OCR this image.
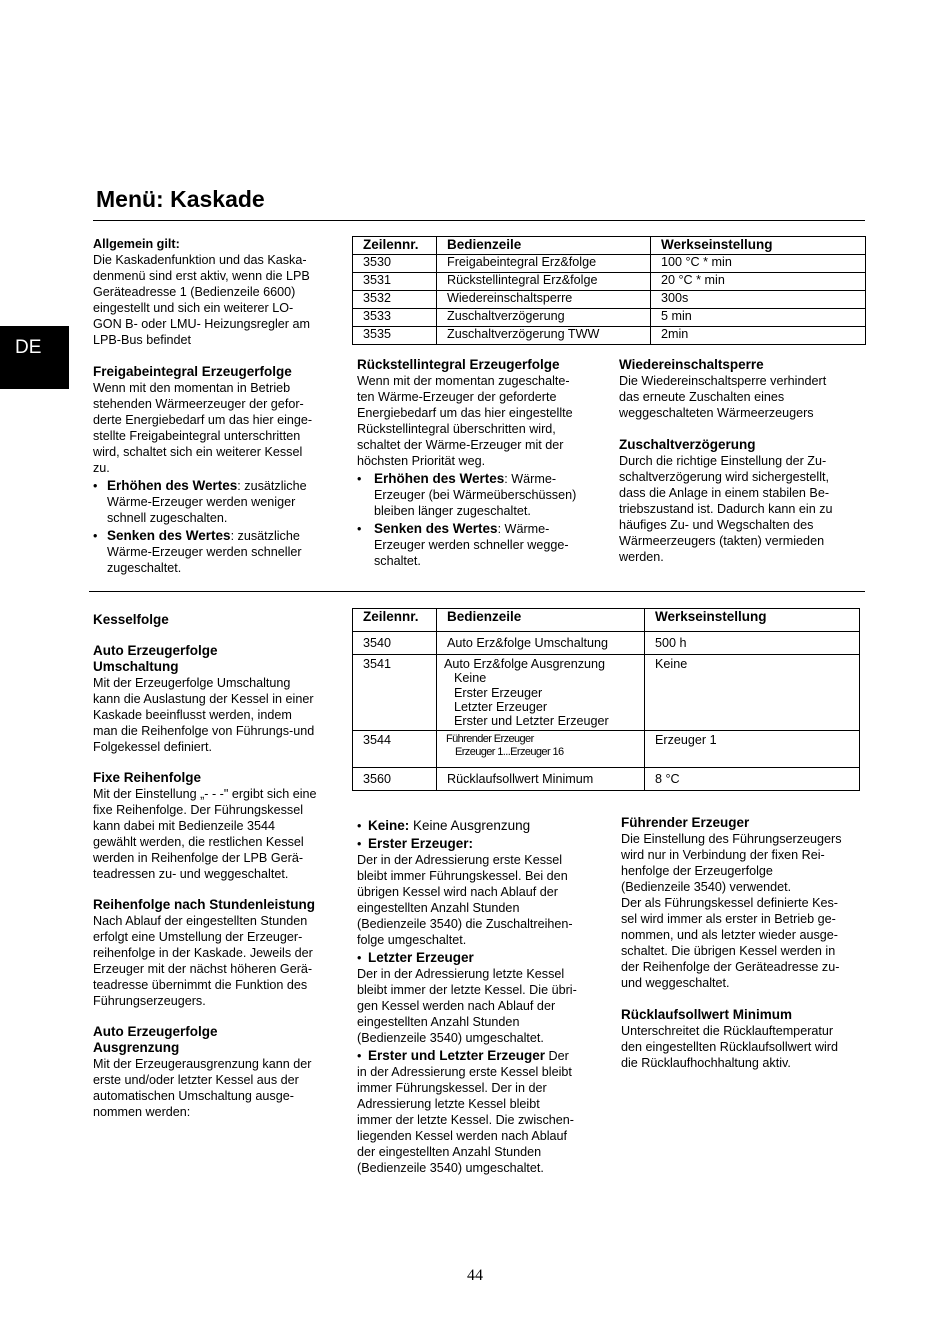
DE
Menü: Kaskade

Allgemein gilt:

Die Kaskadenfunktion und das Kaska-

denmenü sind erst aktiv, wenn die LPB

Geräteadresse 1 (Bedienzeile 6600)

eingestellt und sich ein weiterer LO-

GON B- oder LMU- Heizungsregler am

LPB-Bus befindet

Freigabeintegral Erzeugerfolge

Wenn mit den momentan in Betrieb

stehenden Wärmeerzeuger der gefor-

derte Energiebedarf um das hier einge-

stellte Freigabeintegral unterschritten

wird, schaltet sich ein weiterer Kessel

zu.

• Erhöhen des Wertes: zusätzliche

Wärme-Erzeuger werden weniger

schnell zugeschalten.

• Senken des Wertes: zusätzliche

Wärme-Erzeuger werden schneller

zugeschaltet.

Zeilennr.	Bedienzeile	Werkseinstellung
3530	Freigabeintegral Erz&folge	100 °C * min
3531	Rückstellintegral Erz&folge	20 °C * min
3532	Wiedereinschaltsperre	300s
3533	Zuschaltverzögerung	5 min
3535	Zuschaltverzögerung TWW	2min

Rückstellintegral Erzeugerfolge

Wenn mit der momentan zugeschalte-

ten Wärme-Erzeuger der geforderte

Energiebedarf um das hier eingestellte

Rückstellintegral überschritten wird,

schaltet der Wärme-Erzeuger mit der

höchsten Priorität weg.

• Erhöhen des Wertes: Wärme-

Erzeuger (bei Wärmeüberschüssen)

bleiben länger zugeschaltet.

• Senken des Wertes: Wärme-

Erzeuger werden schneller wegge-

schaltet.

Wiedereinschaltsperre

Die Wiedereinschaltsperre verhindert

das erneute Zuschalten eines

weggeschalteten Wärmeerzeugers

Zuschaltverzögerung

Durch die richtige Einstellung der Zu-

schaltverzögerung wird sichergestellt,

dass die Anlage in einem stabilen Be-

triebszustand ist. Dadurch kann ein zu

häufiges Zu- und Wegschalten des

Wärmeerzeugers (takten) vermieden

werden.

Kesselfolge

Auto Erzeugerfolge

Umschaltung

Mit der Erzeugerfolge Umschaltung

kann die Auslastung der Kessel in einer

Kaskade beeinflusst werden, indem

man die Reihenfolge von Führungs-und

Folgekessel definiert.

Fixe Reihenfolge

Mit der Einstellung „- - -" ergibt sich eine

fixe Reihenfolge. Der Führungskessel

kann dabei mit Bedienzeile 3544

gewählt werden, die restlichen Kessel

werden in Reihenfolge der LPB Gerä-

teadressen zu- und weggeschaltet.

Reihenfolge nach Stundenleistung

Nach Ablauf der eingestellten Stunden

erfolgt eine Umstellung der Erzeuger-

reihenfolge in der Kaskade. Jeweils der

Erzeuger mit der nächst höheren Gerä-

teadresse übernimmt die Funktion des

Führungserzeugers.

Auto Erzeugerfolge

Ausgrenzung

Mit der Erzeugerausgrenzung kann der

erste und/oder letzter Kessel aus der

automatischen Umschaltung ausge-

nommen werden:

Zeilennr.	Bedienzeile	Werkseinstellung
3540	Auto Erz&folge Umschaltung	500 h
3541	Auto Erz&folge Ausgrenzung
Keine
Erster Erzeuger
Letzter Erzeuger
Erster und Letzter Erzeuger	Keine
3544	Führender Erzeuger
Erzeuger 1...Erzeuger 16	Erzeuger 1
3560	Rücklaufsollwert Minimum	8 °C
• Keine: Keine Ausgrenzung

• Erster Erzeuger:

Der in der Adressierung erste Kessel

bleibt immer Führungskessel. Bei den

übrigen Kessel wird nach Ablauf der

eingestellten Anzahl Stunden

(Bedienzeile 3540) die Zuschaltreihen-

folge umgeschaltet.

• Letzter Erzeuger

Der in der Adressierung letzte Kessel

bleibt immer der letzte Kessel. Die übri-

gen Kessel werden nach Ablauf der

eingestellten Anzahl Stunden

(Bedienzeile 3540) umgeschaltet.

• Erster und Letzter Erzeuger Der

in der Adressierung erste Kessel bleibt

immer Führungskessel. Der in der

Adressierung letzte Kessel bleibt

immer der letzte Kessel. Die zwischen-

liegenden Kessel werden nach Ablauf

der eingestellten Anzahl Stunden

(Bedienzeile 3540) umgeschaltet.

Führender Erzeuger

Die Einstellung des Führungserzeugers

wird nur in Verbindung der fixen Rei-

henfolge der Erzeugerfolge

(Bedienzeile 3540) verwendet.

Der als Führungskessel definierte Kes-

sel wird immer als erster in Betrieb ge-

nommen, und als letzter wieder ausge-

schaltet. Die übrigen Kessel werden in

der Reihenfolge der Geräteadresse zu-

und weggeschaltet.

Rücklaufsollwert Minimum

Unterschreitet die Rücklauftemperatur

den eingestellten Rücklaufsollwert wird

die Rücklaufhochhaltung aktiv.

44
